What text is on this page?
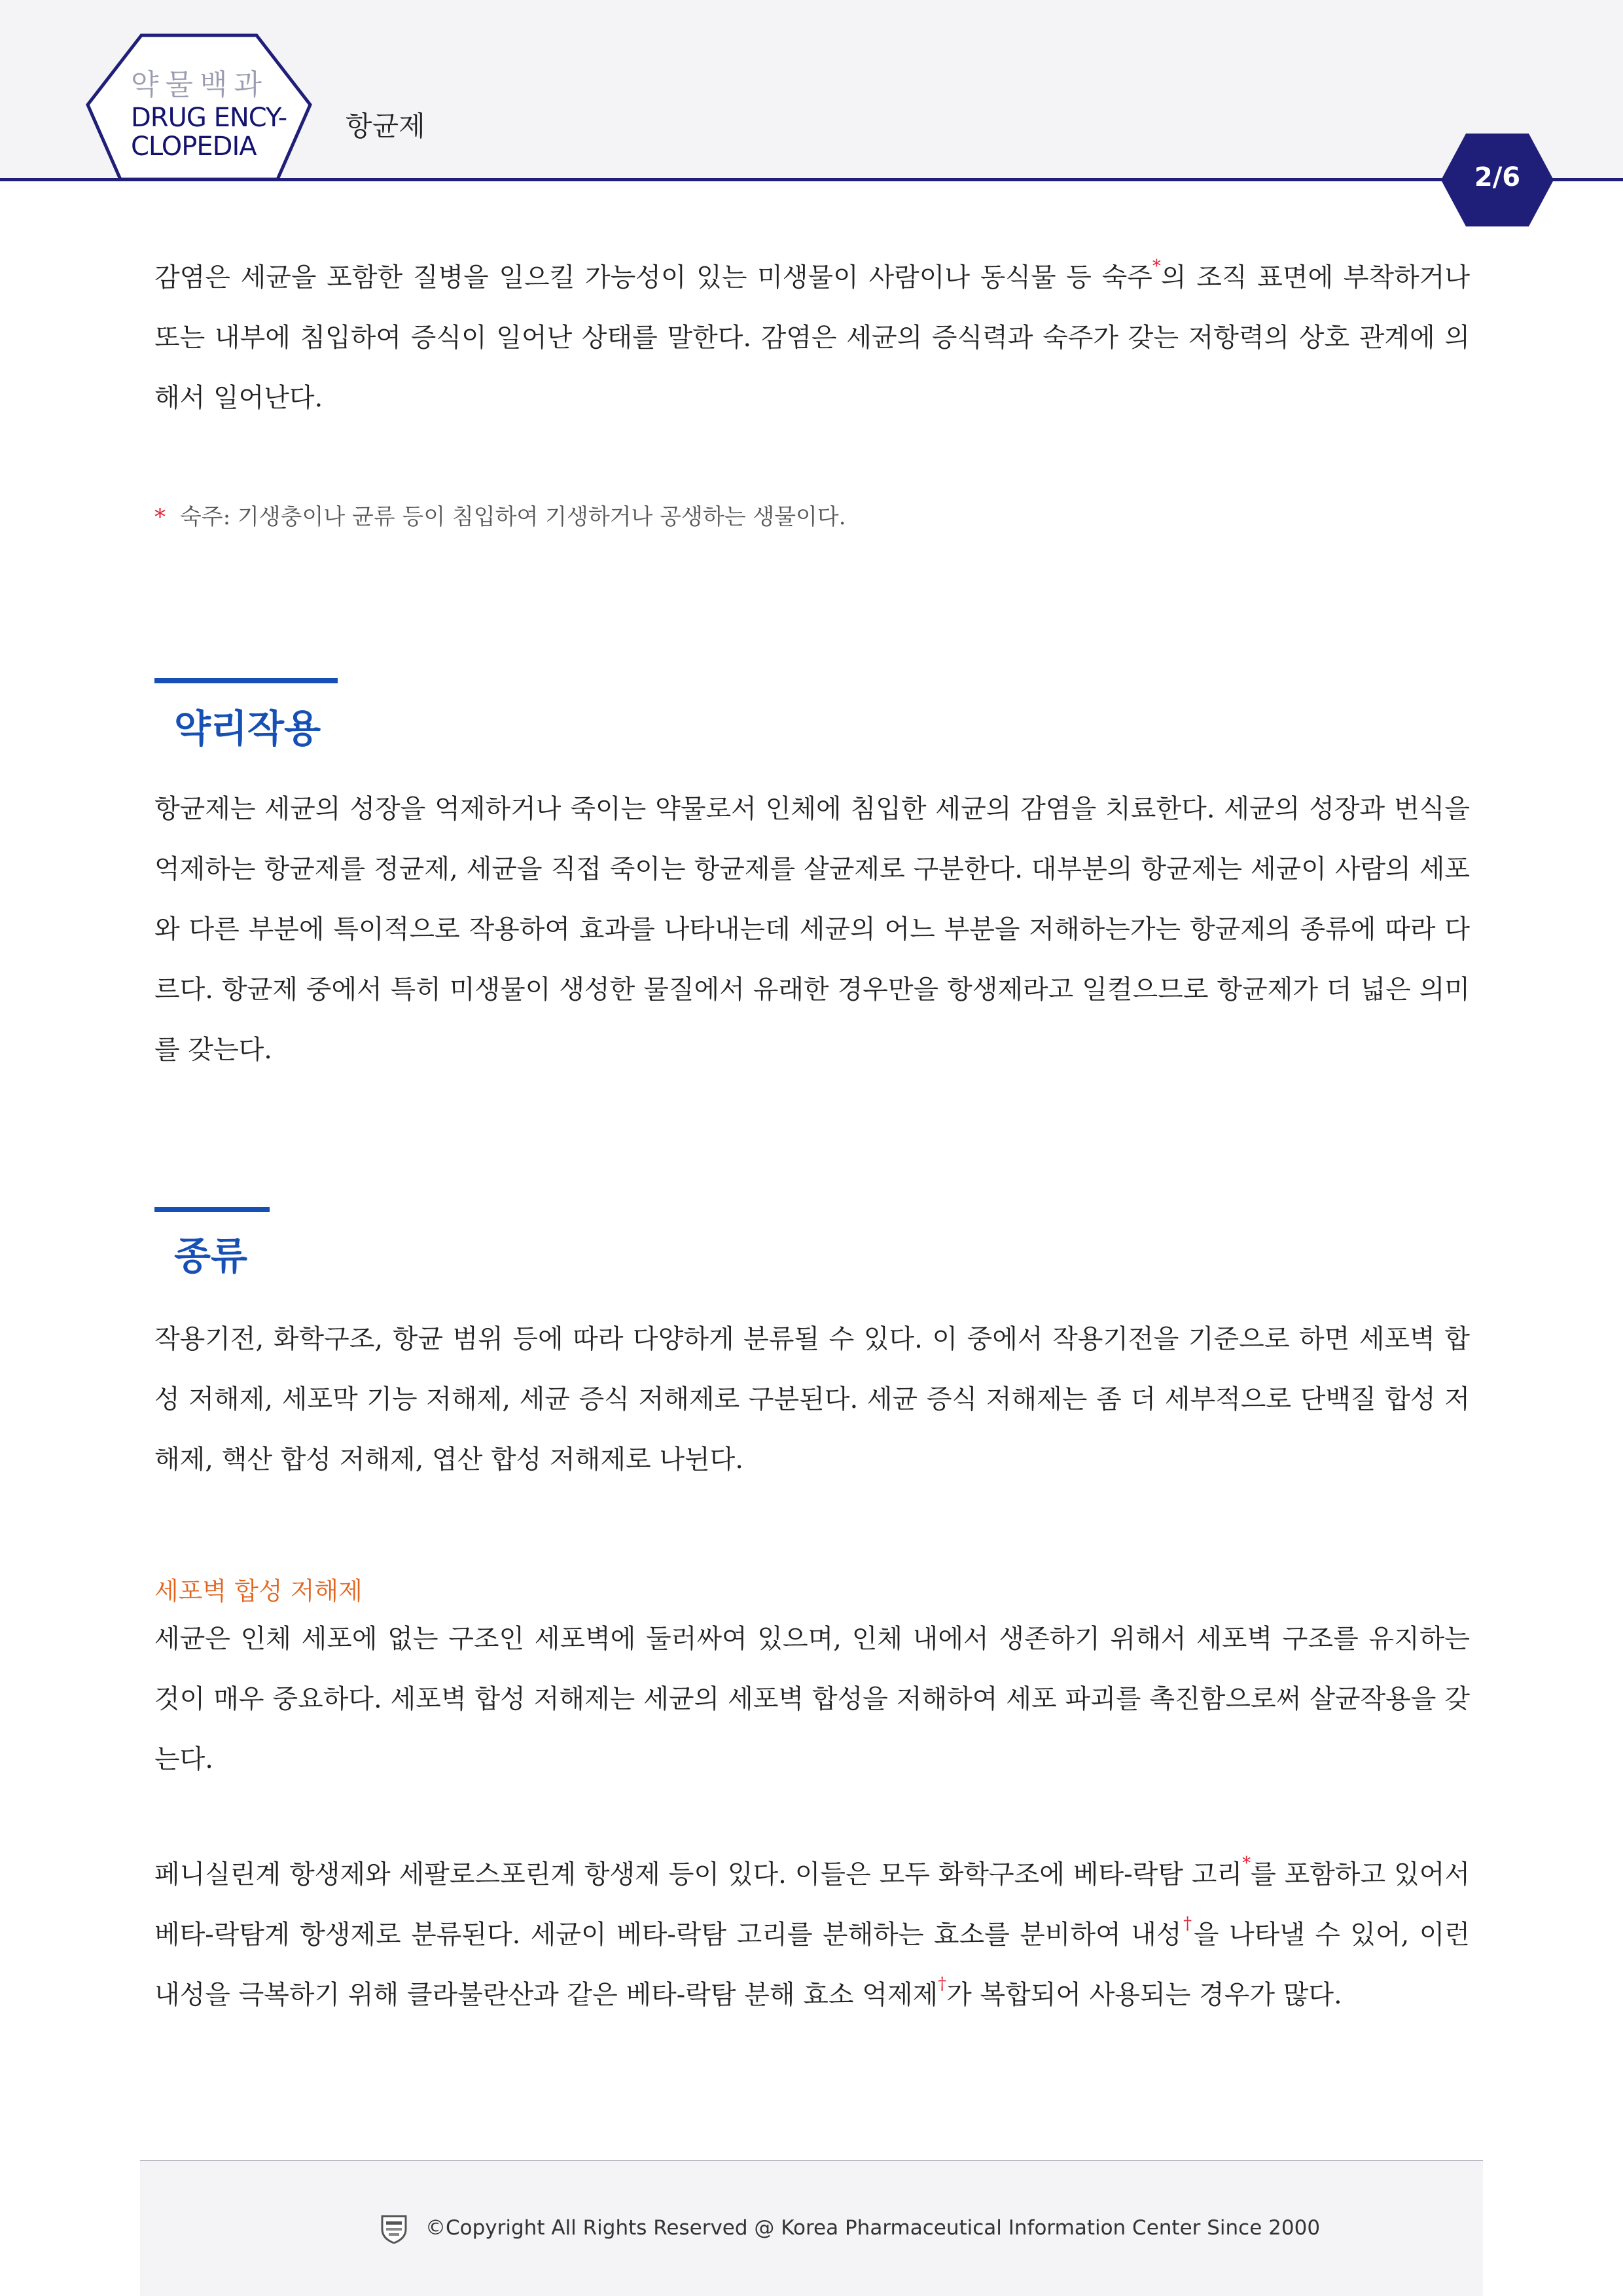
약물백과
DRUG ENCY-
CLOPEDIA
항균제
2/6

감염은 세균을 포함한 질병을 일으킬 가능성이 있는 미생물이 사람이나 동식물 등 숙주*의 조직 표면에 부착하거나 또는 내부에 침입하여 증식이 일어난 상태를 말한다. 감염은 세균의 증식력과 숙주가 갖는 저항력의 상호 관계에 의해서 일어난다.

* 숙주: 기생충이나 균류 등이 침입하여 기생하거나 공생하는 생물이다.
약리작용

항균제는 세균의 성장을 억제하거나 죽이는 약물로서 인체에 침입한 세균의 감염을 치료한다. 세균의 성장과 번식을 억제하는 항균제를 정균제, 세균을 직접 죽이는 항균제를 살균제로 구분한다. 대부분의 항균제는 세균이 사람의 세포와 다른 부분에 특이적으로 작용하여 효과를 나타내는데 세균의 어느 부분을 저해하는가는 항균제의 종류에 따라 다르다. 항균제 중에서 특히 미생물이 생성한 물질에서 유래한 경우만을 항생제라고 일컬으므로 항균제가 더 넓은 의미를 갖는다.

종류

작용기전, 화학구조, 항균 범위 등에 따라 다양하게 분류될 수 있다. 이 중에서 작용기전을 기준으로 하면 세포벽 합성 저해제, 세포막 기능 저해제, 세균 증식 저해제로 구분된다. 세균 증식 저해제는 좀 더 세부적으로 단백질 합성 저해제, 핵산 합성 저해제, 엽산 합성 저해제로 나뉜다.

세포벽 합성 저해제

세균은 인체 세포에 없는 구조인 세포벽에 둘러싸여 있으며, 인체 내에서 생존하기 위해서 세포벽 구조를 유지하는 것이 매우 중요하다. 세포벽 합성 저해제는 세균의 세포벽 합성을 저해하여 세포 파괴를 촉진함으로써 살균작용을 갖는다.

페니실린계 항생제와 세팔로스포린계 항생제 등이 있다. 이들은 모두 화학구조에 베타-락탐 고리*를 포함하고 있어서 베타-락탐계 항생제로 분류된다. 세균이 베타-락탐 고리를 분해하는 효소를 분비하여 내성†을 나타낼 수 있어, 이런 내성을 극복하기 위해 클라불란산과 같은 베타-락탐 분해 효소 억제제†가 복합되어 사용되는 경우가 많다.

©Copyright All Rights Reserved @ Korea Pharmaceutical Information Center Since 2000
